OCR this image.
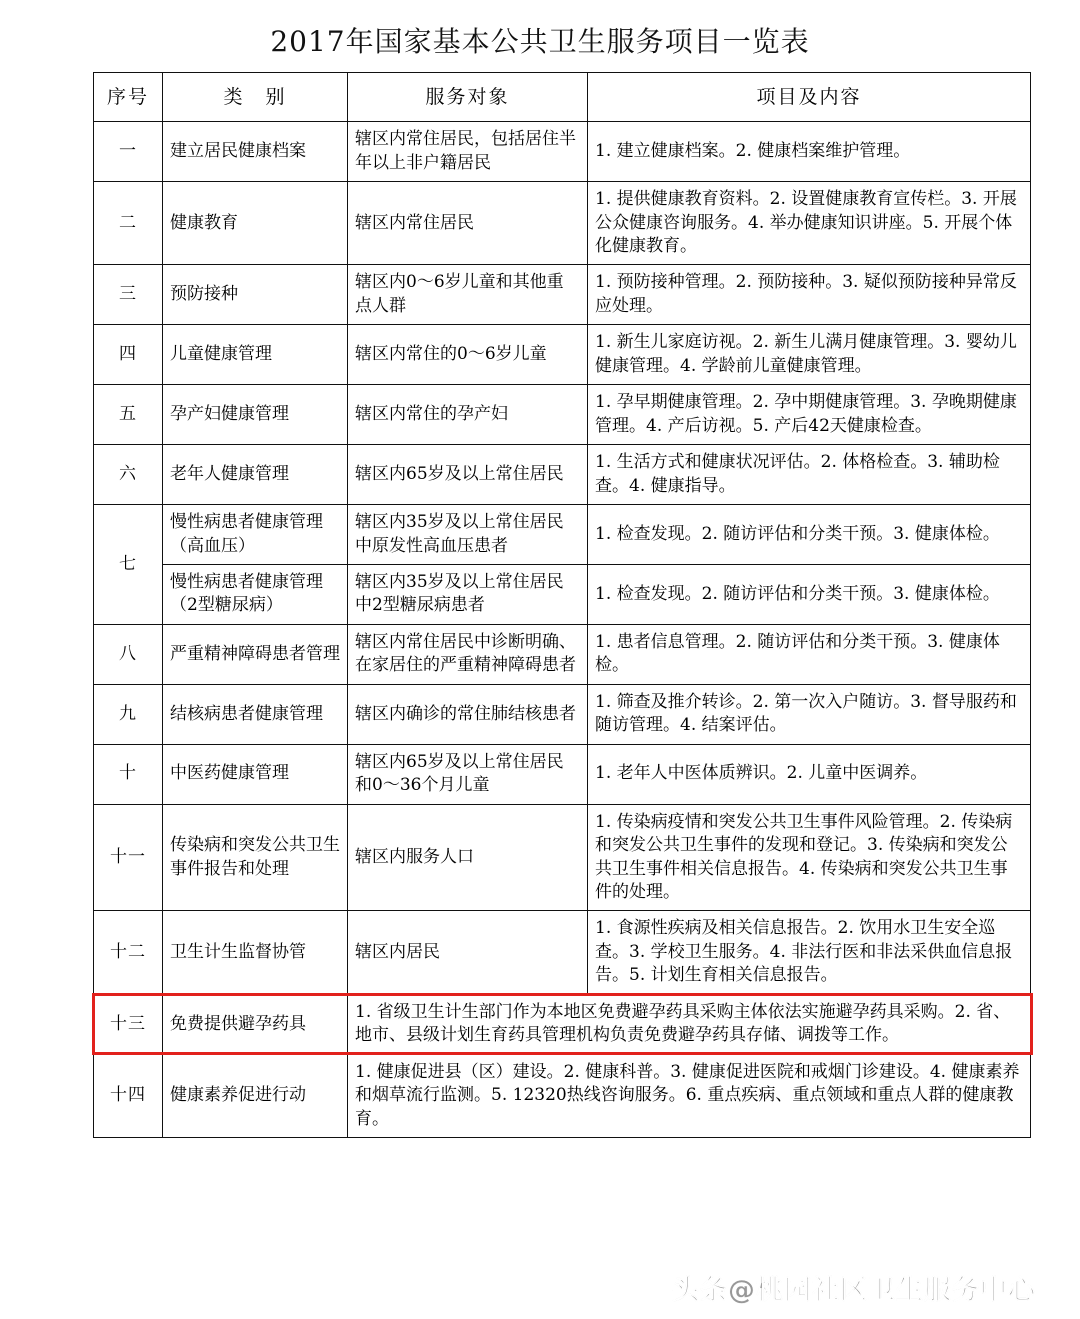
2017年国家基本公共卫生服务项目一览表
序号	类　别	服务对象	项目及内容
一	建立居民健康档案	辖区内常住居民，包括居住半年以上非户籍居民	1. 建立健康档案。2. 健康档案维护管理。
二	健康教育	辖区内常住居民	1. 提供健康教育资料。2. 设置健康教育宣传栏。3. 开展公众健康咨询服务。4. 举办健康知识讲座。5. 开展个体化健康教育。
三	预防接种	辖区内0～6岁儿童和其他重点人群	1. 预防接种管理。2. 预防接种。3. 疑似预防接种异常反应处理。
四	儿童健康管理	辖区内常住的0～6岁儿童	1. 新生儿家庭访视。2. 新生儿满月健康管理。3. 婴幼儿健康管理。4. 学龄前儿童健康管理。
五	孕产妇健康管理	辖区内常住的孕产妇	1. 孕早期健康管理。2. 孕中期健康管理。3. 孕晚期健康管理。4. 产后访视。5. 产后42天健康检查。
六	老年人健康管理	辖区内65岁及以上常住居民	1. 生活方式和健康状况评估。2. 体格检查。3. 辅助检查。4. 健康指导。
七	慢性病患者健康管理（高血压）	辖区内35岁及以上常住居民中原发性高血压患者	1. 检查发现。2. 随访评估和分类干预。3. 健康体检。
	慢性病患者健康管理（2型糖尿病）	辖区内35岁及以上常住居民中2型糖尿病患者	1. 检查发现。2. 随访评估和分类干预。3. 健康体检。
八	严重精神障碍患者管理	辖区内常住居民中诊断明确、在家居住的严重精神障碍患者	1. 患者信息管理。2. 随访评估和分类干预。3. 健康体检。
九	结核病患者健康管理	辖区内确诊的常住肺结核患者	1. 筛查及推介转诊。2. 第一次入户随访。3. 督导服药和随访管理。4. 结案评估。
十	中医药健康管理	辖区内65岁及以上常住居民和0～36个月儿童	1. 老年人中医体质辨识。2. 儿童中医调养。
十一	传染病和突发公共卫生事件报告和处理	辖区内服务人口	1. 传染病疫情和突发公共卫生事件风险管理。2. 传染病和突发公共卫生事件的发现和登记。3. 传染病和突发公共卫生事件相关信息报告。4. 传染病和突发公共卫生事件的处理。
十二	卫生计生监督协管	辖区内居民	1. 食源性疾病及相关信息报告。2. 饮用水卫生安全巡查。3. 学校卫生服务。4. 非法行医和非法采供血信息报告。5. 计划生育相关信息报告。
十三	免费提供避孕药具	1. 省级卫生计生部门作为本地区免费避孕药具采购主体依法实施避孕药具采购。2. 省、地市、县级计划生育药具管理机构负责免费避孕药具存储、调拨等工作。	
十四	健康素养促进行动	1. 健康促进县（区）建设。2. 健康科普。3. 健康促进医院和戒烟门诊建设。4. 健康素养和烟草流行监测。5. 12320热线咨询服务。6. 重点疾病、重点领域和重点人群的健康教育。	
头条@桃园社区卫生服务中心
